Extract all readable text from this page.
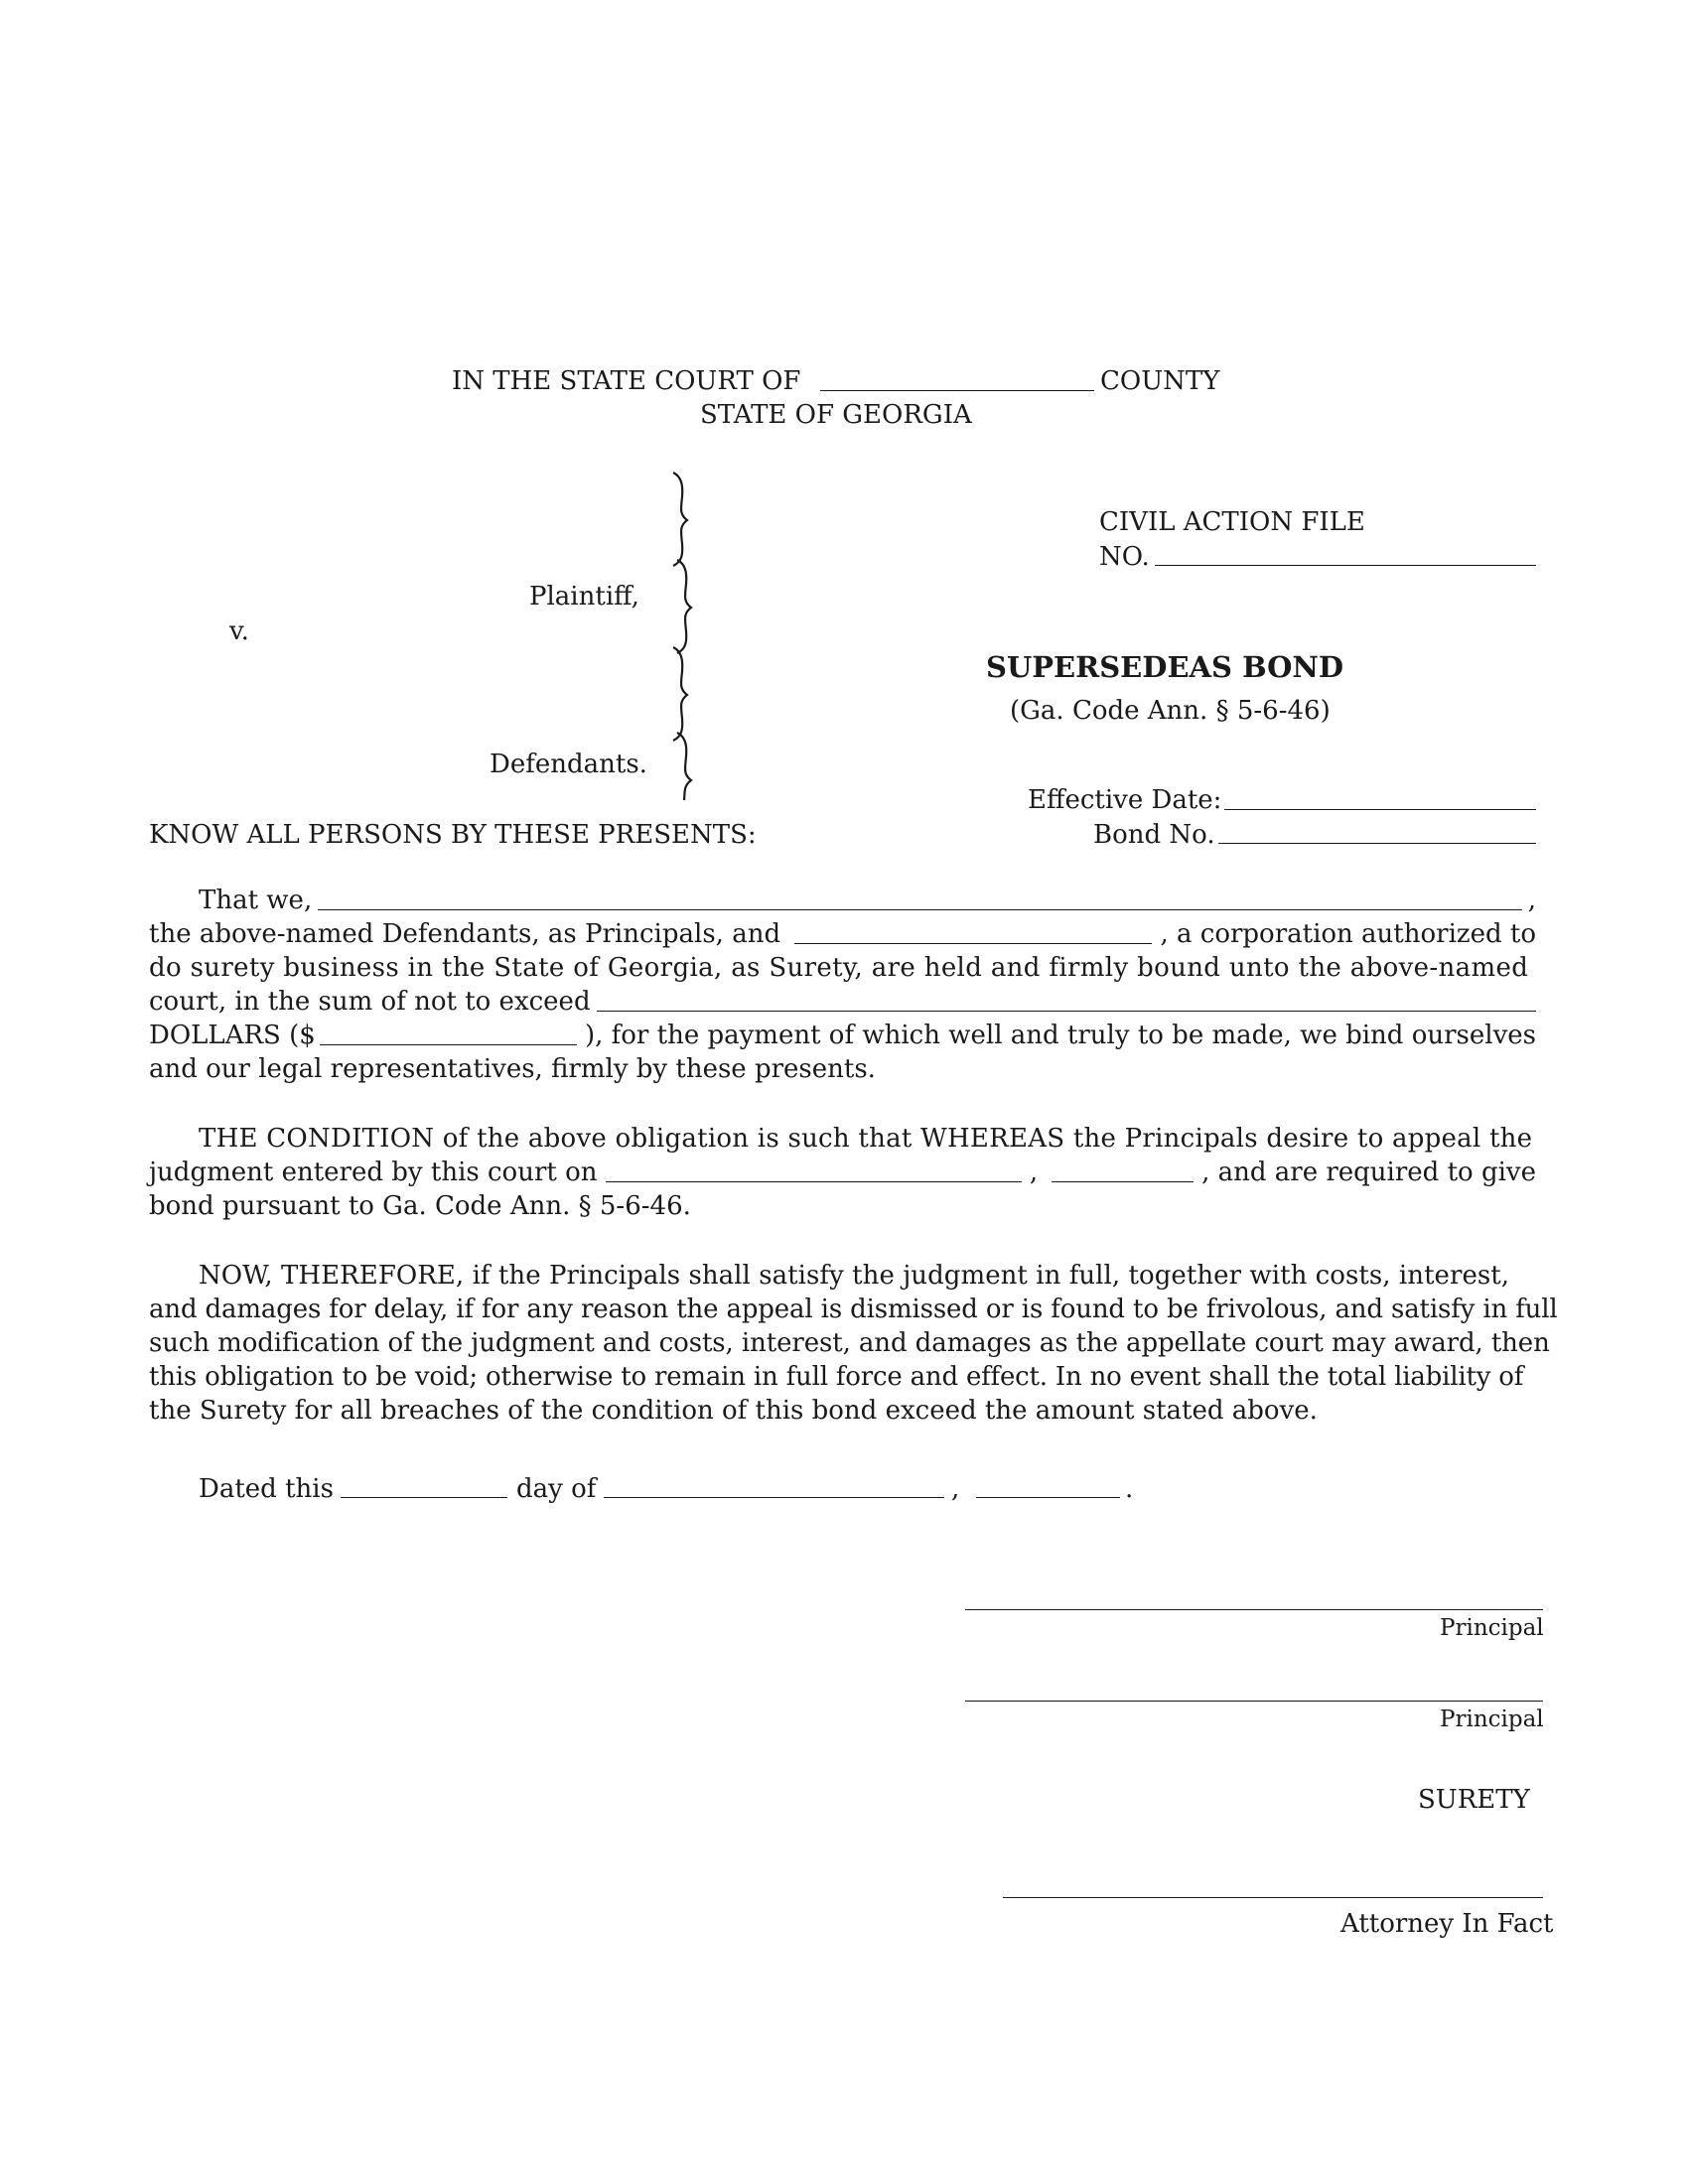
IN THE STATE COURT OF	COUNTY
STATE OF GEORGIA
Plaintiff,
v.
Defendants.
CIVIL ACTION FILE
NO.
SUPERSEDEAS BOND
(Ga. Code Ann. § 5-6-46)
Effective Date:
Bond No.
KNOW ALL PERSONS BY THESE PRESENTS:
That we,	,
the above-named Defendants, as Principals, and	, a corporation authorized to
do surety business in the State of Georgia, as Surety, are held and firmly bound unto the above-named
court, in the sum of not to exceed
DOLLARS ($	), for the payment of which well and truly to be made, we bind ourselves
and our legal representatives, firmly by these presents.
THE CONDITION of the above obligation is such that WHEREAS the Principals desire to appeal the
judgment entered by this court on	,	, and are required to give
bond pursuant to Ga. Code Ann. § 5-6-46.
NOW, THEREFORE, if the Principals shall satisfy the judgment in full, together with costs, interest,
and damages for delay, if for any reason the appeal is dismissed or is found to be frivolous, and satisfy in full
such modification of the judgment and costs, interest, and damages as the appellate court may award, then
this obligation to be void; otherwise to remain in full force and effect. In no event shall the total liability of
the Surety for all breaches of the condition of this bond exceed the amount stated above.
Dated this	day of	,	.
Principal
Principal
SURETY
Attorney In Fact
